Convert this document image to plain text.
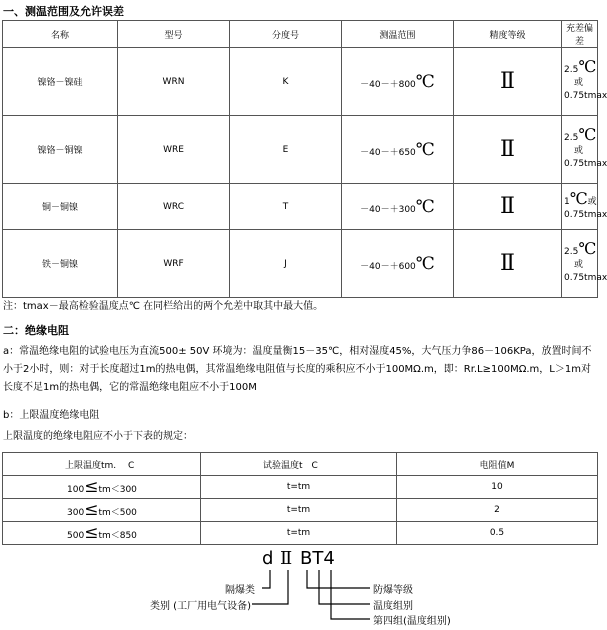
一、测温范围及允许误差
名称	型号	分度号	测温范围	精度等级	充差偏差
镍铬－镍硅	WRN	K	－40－＋800℃	Ⅱ	2.5℃
或
0.75tmax
镍铬－铜镍	WRE	E	－40－＋650℃	Ⅱ	2.5℃
或
0.75tmax
铜－铜镍	WRC	T	－40－＋300℃	Ⅱ	1℃或
0.75tmax
铁－铜镍	WRF	J	－40－＋600℃	Ⅱ	2.5℃
或
0.75tmax
注：tmax－最高检验温度点℃ 在同栏给出的两个允差中取其中最大值。
二：绝缘电阻
a：常温绝缘电阻的试验电压为直流500± 50V 环境为：温度量衡15－35℃，相对湿度45%，大气压力争86－106KPa，放置时间不小于2小时，则：对于长度超过1m的热电偶，其常温绝缘电阻值与长度的乘积应不小于100MΩ.m，即：Rr.L≥100MΩ.m，L＞1m对长度不足1m的热电偶，它的常温绝缘电阻应不小于100M
b：上限温度绝缘电阻
上限温度的绝缘电阻应不小于下表的规定：
上限温度tm.　 C	试验温度t　C	电阻值M
100≤tm＜300	t=tm	10
300≤tm＜500	t=tm	2
500≤tm＜850	t=tm	0.5
d Ⅱ BT4
隔爆类
类别 (工厂用电气设备)
防爆等级
温度组别
第四组(温度组别)
